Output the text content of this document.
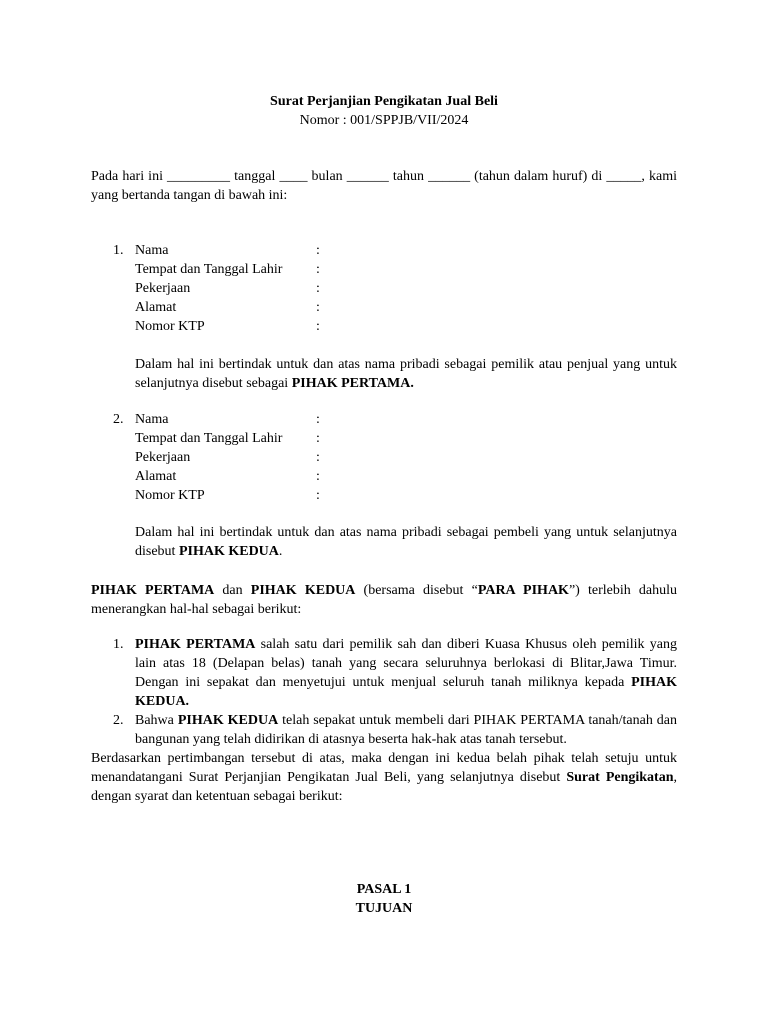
Surat Perjanjian Pengikatan Jual Beli
Nomor : 001/SPPJB/VII/2024
Pada hari ini _________ tanggal ____ bulan ______ tahun ______ (tahun dalam huruf) di _____, kami yang bertanda tangan di bawah ini:
1. Nama	:
Tempat dan Tanggal Lahir :
Pekerjaan	:
Alamat	:
Nomor KTP	:
Dalam hal ini bertindak untuk dan atas nama pribadi sebagai pemilik atau penjual yang untuk selanjutnya disebut sebagai PIHAK PERTAMA.
2. Nama	:
Tempat dan Tanggal Lahir :
Pekerjaan	:
Alamat	:
Nomor KTP	:
Dalam hal ini bertindak untuk dan atas nama pribadi sebagai pembeli yang untuk selanjutnya disebut PIHAK KEDUA.
PIHAK PERTAMA dan PIHAK KEDUA (bersama disebut “PARA PIHAK”) terlebih dahulu menerangkan hal-hal sebagai berikut:
1. PIHAK PERTAMA salah satu dari pemilik sah dan diberi Kuasa Khusus oleh pemilik yang lain atas 18 (Delapan belas) tanah yang secara seluruhnya berlokasi di Blitar,Jawa Timur. Dengan ini sepakat dan menyetujui untuk menjual seluruh tanah miliknya kepada PIHAK KEDUA.
2. Bahwa PIHAK KEDUA telah sepakat untuk membeli dari PIHAK PERTAMA tanah/tanah dan bangunan yang telah didirikan di atasnya beserta hak-hak atas tanah tersebut.
Berdasarkan pertimbangan tersebut di atas, maka dengan ini kedua belah pihak telah setuju untuk menandatangani Surat Perjanjian Pengikatan Jual Beli, yang selanjutnya disebut Surat Pengikatan, dengan syarat dan ketentuan sebagai berikut:
PASAL 1
TUJUAN
